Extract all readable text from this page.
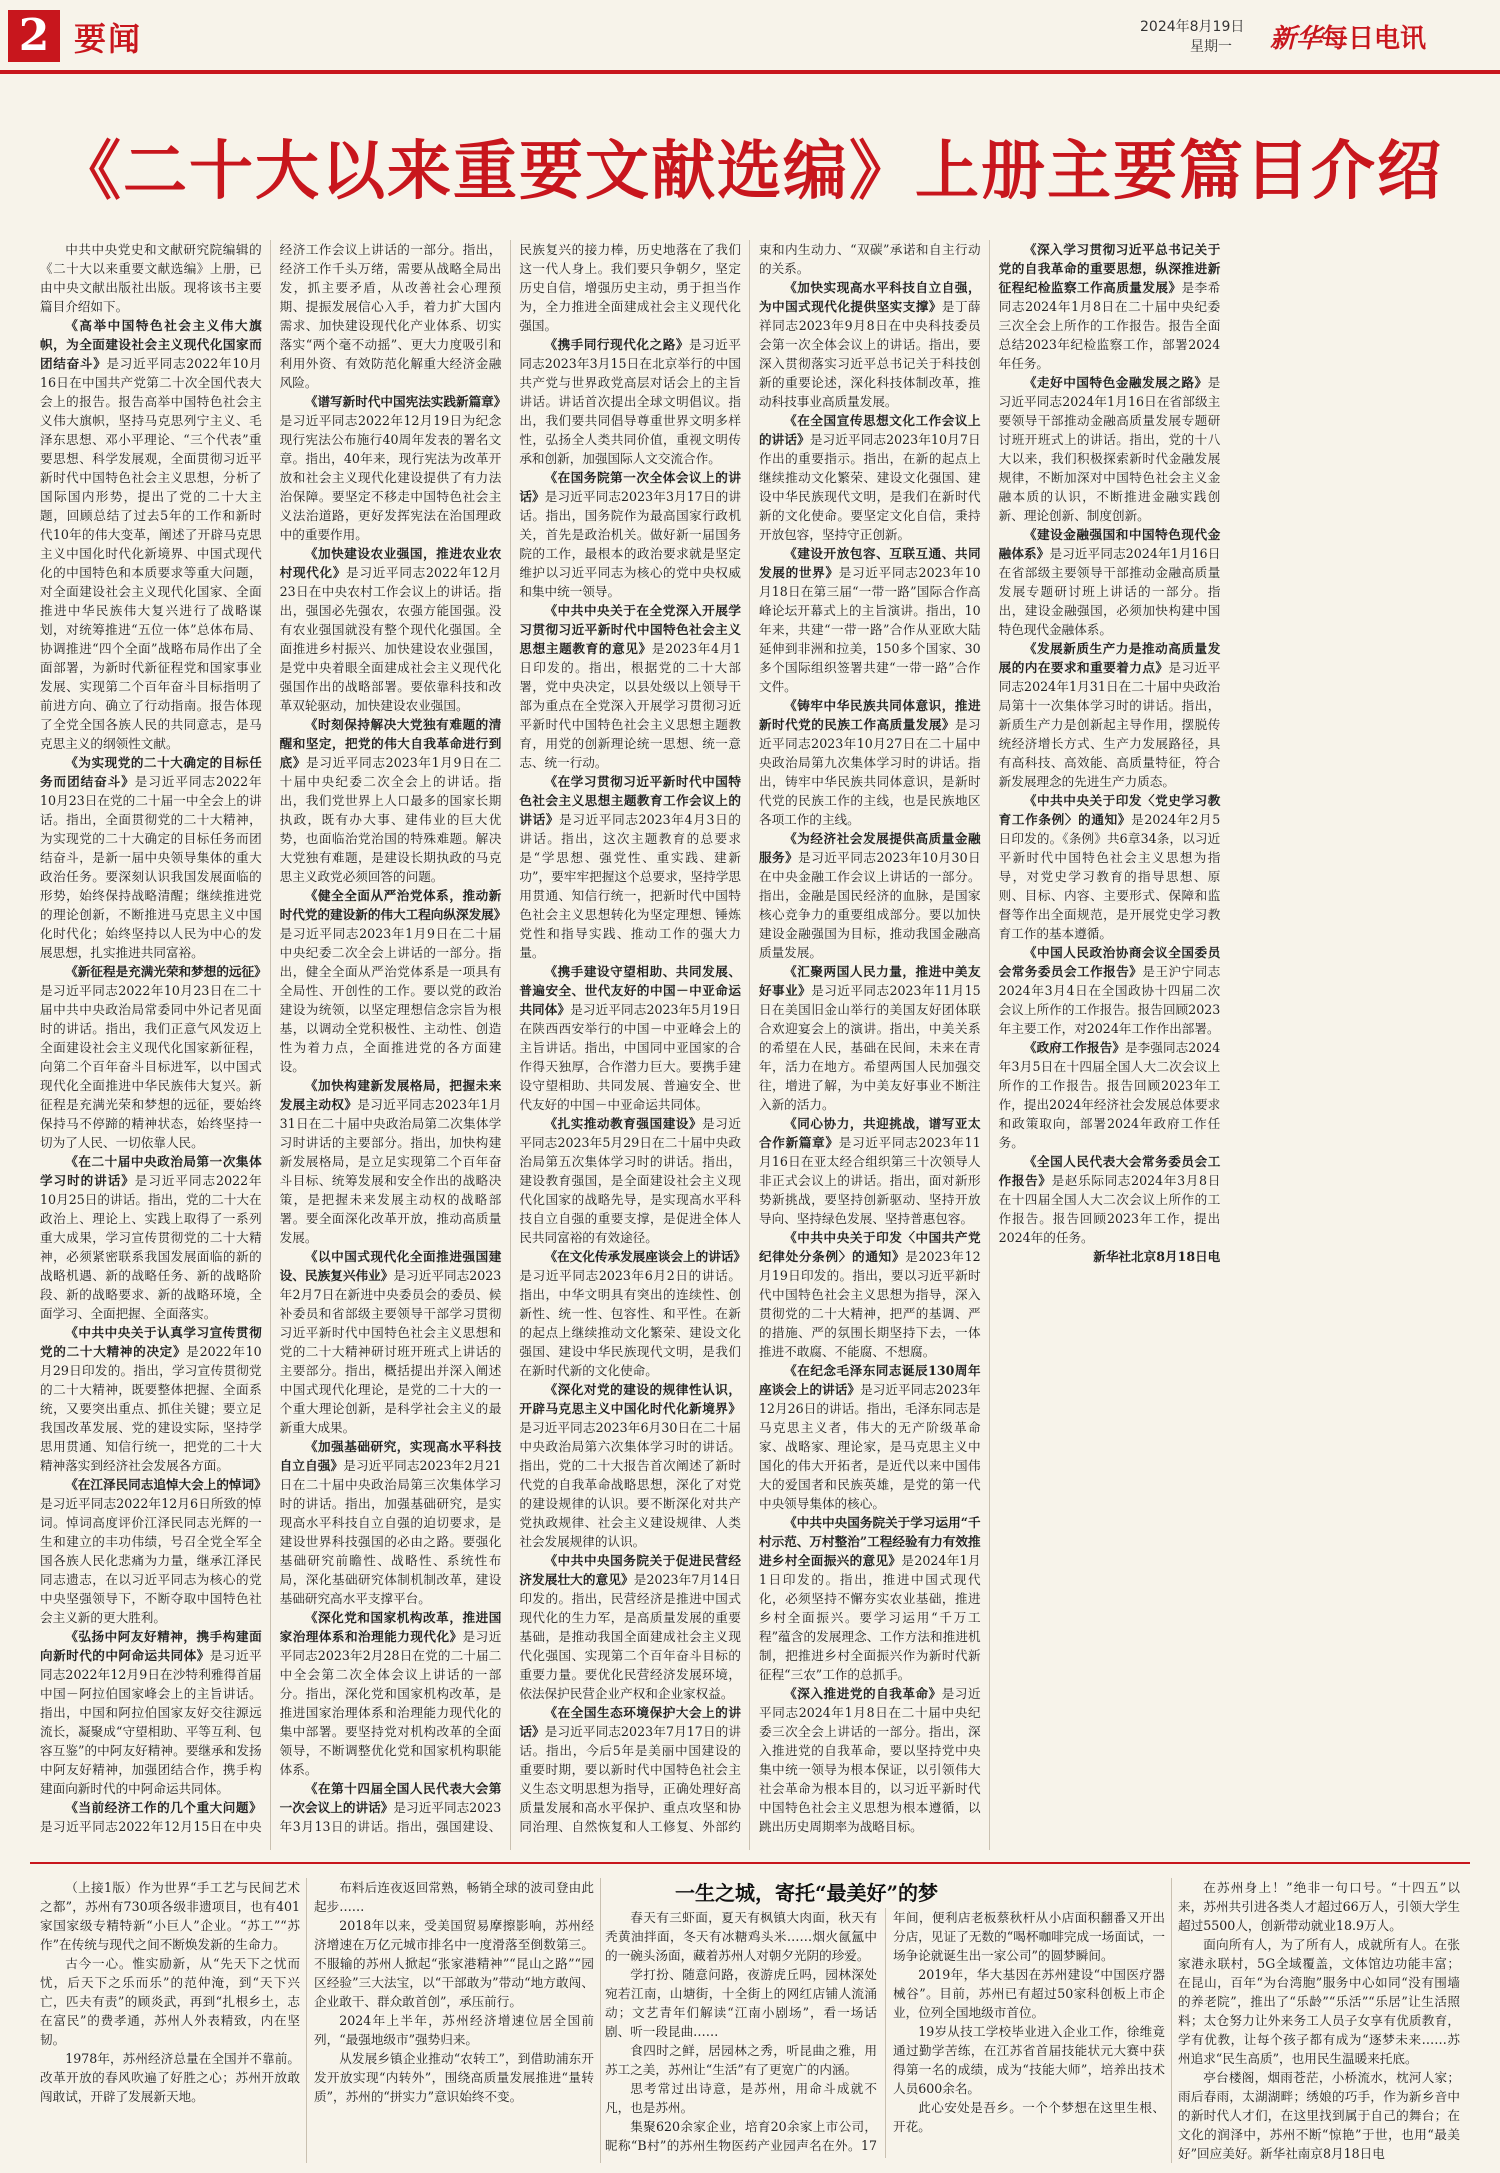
2 要闻	2024年8月19日
星期一 新华每日电讯
《二十大以来重要文献选编》上册主要篇目介绍

中共中央党史和文献研究院编辑的《二十大以来重要文献选编》上册，已由中央文献出版社出版。现将该书主要篇目介绍如下。

《高举中国特色社会主义伟大旗帜，为全面建设社会主义现代化国家而团结奋斗》是习近平同志2022年10月16日在中国共产党第二十次全国代表大会上的报告。报告高举中国特色社会主义伟大旗帜，坚持马克思列宁主义、毛泽东思想、邓小平理论、“三个代表”重要思想、科学发展观，全面贯彻习近平新时代中国特色社会主义思想，分析了国际国内形势，提出了党的二十大主题，回顾总结了过去5年的工作和新时代10年的伟大变革，阐述了开辟马克思主义中国化时代化新境界、中国式现代化的中国特色和本质要求等重大问题，对全面建设社会主义现代化国家、全面推进中华民族伟大复兴进行了战略谋划，对统筹推进“五位一体”总体布局、协调推进“四个全面”战略布局作出了全面部署，为新时代新征程党和国家事业发展、实现第二个百年奋斗目标指明了前进方向、确立了行动指南。报告体现了全党全国各族人民的共同意志，是马克思主义的纲领性文献。

《为实现党的二十大确定的目标任务而团结奋斗》是习近平同志2022年10月23日在党的二十届一中全会上的讲话。指出，全面贯彻党的二十大精神，为实现党的二十大确定的目标任务而团结奋斗，是新一届中央领导集体的重大政治任务。要深刻认识我国发展面临的形势，始终保持战略清醒；继续推进党的理论创新，不断推进马克思主义中国化时代化；始终坚持以人民为中心的发展思想，扎实推进共同富裕。

《新征程是充满光荣和梦想的远征》是习近平同志2022年10月23日在二十届中共中央政治局常委同中外记者见面时的讲话。指出，我们正意气风发迈上全面建设社会主义现代化国家新征程，向第二个百年奋斗目标进军，以中国式现代化全面推进中华民族伟大复兴。新征程是充满光荣和梦想的远征，要始终保持马不停蹄的精神状态，始终坚持一切为了人民、一切依靠人民。

《在二十届中央政治局第一次集体学习时的讲话》是习近平同志2022年10月25日的讲话。指出，党的二十大在政治上、理论上、实践上取得了一系列重大成果，学习宣传贯彻党的二十大精神，必须紧密联系我国发展面临的新的战略机遇、新的战略任务、新的战略阶段、新的战略要求、新的战略环境，全面学习、全面把握、全面落实。

《中共中央关于认真学习宣传贯彻党的二十大精神的决定》是2022年10月29日印发的。指出，学习宣传贯彻党的二十大精神，既要整体把握、全面系统，又要突出重点、抓住关键；要立足我国改革发展、党的建设实际，坚持学思用贯通、知信行统一，把党的二十大精神落实到经济社会发展各方面。

《在江泽民同志追悼大会上的悼词》是习近平同志2022年12月6日所致的悼词。悼词高度评价江泽民同志光辉的一生和建立的丰功伟绩，号召全党全军全国各族人民化悲痛为力量，继承江泽民同志遗志，在以习近平同志为核心的党中央坚强领导下，不断夺取中国特色社会主义新的更大胜利。

《弘扬中阿友好精神，携手构建面向新时代的中阿命运共同体》是习近平同志2022年12月9日在沙特利雅得首届中国－阿拉伯国家峰会上的主旨讲话。指出，中国和阿拉伯国家友好交往源远流长，凝聚成“守望相助、平等互利、包容互鉴”的中阿友好精神。要继承和发扬中阿友好精神，加强团结合作，携手构建面向新时代的中阿命运共同体。

《当前经济工作的几个重大问题》是习近平同志2022年12月15日在中央经济工作会议上讲话的一部分。指出，经济工作千头万绪，需要从战略全局出发，抓主要矛盾，从改善社会心理预期、提振发展信心入手，着力扩大国内需求、加快建设现代化产业体系、切实落实“两个毫不动摇”、更大力度吸引和利用外资、有效防范化解重大经济金融风险。

《谱写新时代中国宪法实践新篇章》是习近平同志2022年12月19日为纪念现行宪法公布施行40周年发表的署名文章。指出，40年来，现行宪法为改革开放和社会主义现代化建设提供了有力法治保障。要坚定不移走中国特色社会主义法治道路，更好发挥宪法在治国理政中的重要作用。

《加快建设农业强国，推进农业农村现代化》是习近平同志2022年12月23日在中央农村工作会议上的讲话。指出，强国必先强农，农强方能国强。没有农业强国就没有整个现代化强国。全面推进乡村振兴、加快建设农业强国，是党中央着眼全面建成社会主义现代化强国作出的战略部署。要依靠科技和改革双轮驱动，加快建设农业强国。

《时刻保持解决大党独有难题的清醒和坚定，把党的伟大自我革命进行到底》是习近平同志2023年1月9日在二十届中央纪委二次全会上的讲话。指出，我们党世界上人口最多的国家长期执政，既有办大事、建伟业的巨大优势，也面临治党治国的特殊难题。解决大党独有难题，是建设长期执政的马克思主义政党必须回答的问题。

《健全全面从严治党体系，推动新时代党的建设新的伟大工程向纵深发展》是习近平同志2023年1月9日在二十届中央纪委二次全会上讲话的一部分。指出，健全全面从严治党体系是一项具有全局性、开创性的工作。要以党的政治建设为统领，以坚定理想信念宗旨为根基，以调动全党积极性、主动性、创造性为着力点，全面推进党的各方面建设。

《加快构建新发展格局，把握未来发展主动权》是习近平同志2023年1月31日在二十届中央政治局第二次集体学习时讲话的主要部分。指出，加快构建新发展格局，是立足实现第二个百年奋斗目标、统筹发展和安全作出的战略决策，是把握未来发展主动权的战略部署。要全面深化改革开放，推动高质量发展。

《以中国式现代化全面推进强国建设、民族复兴伟业》是习近平同志2023年2月7日在新进中央委员会的委员、候补委员和省部级主要领导干部学习贯彻习近平新时代中国特色社会主义思想和党的二十大精神研讨班开班式上讲话的主要部分。指出，概括提出并深入阐述中国式现代化理论，是党的二十大的一个重大理论创新，是科学社会主义的最新重大成果。

《加强基础研究，实现高水平科技自立自强》是习近平同志2023年2月21日在二十届中央政治局第三次集体学习时的讲话。指出，加强基础研究，是实现高水平科技自立自强的迫切要求，是建设世界科技强国的必由之路。要强化基础研究前瞻性、战略性、系统性布局，深化基础研究体制机制改革，建设基础研究高水平支撑平台。

《深化党和国家机构改革，推进国家治理体系和治理能力现代化》是习近平同志2023年2月28日在党的二十届二中全会第二次全体会议上讲话的一部分。指出，深化党和国家机构改革，是推进国家治理体系和治理能力现代化的集中部署。要坚持党对机构改革的全面领导，不断调整优化党和国家机构职能体系。

《在第十四届全国人民代表大会第一次会议上的讲话》是习近平同志2023年3月13日的讲话。指出，强国建设、民族复兴的接力棒，历史地落在了我们这一代人身上。我们要只争朝夕，坚定历史自信，增强历史主动，勇于担当作为，全力推进全面建成社会主义现代化强国。

《携手同行现代化之路》是习近平同志2023年3月15日在北京举行的中国共产党与世界政党高层对话会上的主旨讲话。讲话首次提出全球文明倡议。指出，我们要共同倡导尊重世界文明多样性，弘扬全人类共同价值，重视文明传承和创新，加强国际人文交流合作。

《在国务院第一次全体会议上的讲话》是习近平同志2023年3月17日的讲话。指出，国务院作为最高国家行政机关，首先是政治机关。做好新一届国务院的工作，最根本的政治要求就是坚定维护以习近平同志为核心的党中央权威和集中统一领导。

《中共中央关于在全党深入开展学习贯彻习近平新时代中国特色社会主义思想主题教育的意见》是2023年4月1日印发的。指出，根据党的二十大部署，党中央决定，以县处级以上领导干部为重点在全党深入开展学习贯彻习近平新时代中国特色社会主义思想主题教育，用党的创新理论统一思想、统一意志、统一行动。

《在学习贯彻习近平新时代中国特色社会主义思想主题教育工作会议上的讲话》是习近平同志2023年4月3日的讲话。指出，这次主题教育的总要求是“学思想、强党性、重实践、建新功”，要牢牢把握这个总要求，坚持学思用贯通、知信行统一，把新时代中国特色社会主义思想转化为坚定理想、锤炼党性和指导实践、推动工作的强大力量。

《携手建设守望相助、共同发展、普遍安全、世代友好的中国－中亚命运共同体》是习近平同志2023年5月19日在陕西西安举行的中国－中亚峰会上的主旨讲话。指出，中国同中亚国家的合作得天独厚，合作潜力巨大。要携手建设守望相助、共同发展、普遍安全、世代友好的中国－中亚命运共同体。

《扎实推动教育强国建设》是习近平同志2023年5月29日在二十届中央政治局第五次集体学习时的讲话。指出，建设教育强国，是全面建设社会主义现代化国家的战略先导，是实现高水平科技自立自强的重要支撑，是促进全体人民共同富裕的有效途径。

《在文化传承发展座谈会上的讲话》是习近平同志2023年6月2日的讲话。指出，中华文明具有突出的连续性、创新性、统一性、包容性、和平性。在新的起点上继续推动文化繁荣、建设文化强国、建设中华民族现代文明，是我们在新时代新的文化使命。

《深化对党的建设的规律性认识，开辟马克思主义中国化时代化新境界》是习近平同志2023年6月30日在二十届中央政治局第六次集体学习时的讲话。指出，党的二十大报告首次阐述了新时代党的自我革命战略思想，深化了对党的建设规律的认识。要不断深化对共产党执政规律、社会主义建设规律、人类社会发展规律的认识。

《中共中央国务院关于促进民营经济发展壮大的意见》是2023年7月14日印发的。指出，民营经济是推进中国式现代化的生力军，是高质量发展的重要基础，是推动我国全面建成社会主义现代化强国、实现第二个百年奋斗目标的重要力量。要优化民营经济发展环境，依法保护民营企业产权和企业家权益。

《在全国生态环境保护大会上的讲话》是习近平同志2023年7月17日的讲话。指出，今后5年是美丽中国建设的重要时期，要以新时代中国特色社会主义生态文明思想为指导，正确处理好高质量发展和高水平保护、重点攻坚和协同治理、自然恢复和人工修复、外部约束和内生动力、“双碳”承诺和自主行动的关系。

《加快实现高水平科技自立自强，为中国式现代化提供坚实支撑》是丁薛祥同志2023年9月8日在中央科技委员会第一次全体会议上的讲话。指出，要深入贯彻落实习近平总书记关于科技创新的重要论述，深化科技体制改革，推动科技事业高质量发展。

《在全国宣传思想文化工作会议上的讲话》是习近平同志2023年10月7日作出的重要指示。指出，在新的起点上继续推动文化繁荣、建设文化强国、建设中华民族现代文明，是我们在新时代新的文化使命。要坚定文化自信，秉持开放包容，坚持守正创新。

《建设开放包容、互联互通、共同发展的世界》是习近平同志2023年10月18日在第三届“一带一路”国际合作高峰论坛开幕式上的主旨演讲。指出，10年来，共建“一带一路”合作从亚欧大陆延伸到非洲和拉美，150多个国家、30多个国际组织签署共建“一带一路”合作文件。

《铸牢中华民族共同体意识，推进新时代党的民族工作高质量发展》是习近平同志2023年10月27日在二十届中央政治局第九次集体学习时的讲话。指出，铸牢中华民族共同体意识，是新时代党的民族工作的主线，也是民族地区各项工作的主线。

《为经济社会发展提供高质量金融服务》是习近平同志2023年10月30日在中央金融工作会议上讲话的一部分。指出，金融是国民经济的血脉，是国家核心竞争力的重要组成部分。要以加快建设金融强国为目标，推动我国金融高质量发展。

《汇聚两国人民力量，推进中美友好事业》是习近平同志2023年11月15日在美国旧金山举行的美国友好团体联合欢迎宴会上的演讲。指出，中美关系的希望在人民，基础在民间，未来在青年，活力在地方。希望两国人民加强交往，增进了解，为中美友好事业不断注入新的活力。

《同心协力，共迎挑战，谱写亚太合作新篇章》是习近平同志2023年11月16日在亚太经合组织第三十次领导人非正式会议上的讲话。指出，面对新形势新挑战，要坚持创新驱动、坚持开放导向、坚持绿色发展、坚持普惠包容。

《中共中央关于印发〈中国共产党纪律处分条例〉的通知》是2023年12月19日印发的。指出，要以习近平新时代中国特色社会主义思想为指导，深入贯彻党的二十大精神，把严的基调、严的措施、严的氛围长期坚持下去，一体推进不敢腐、不能腐、不想腐。

《在纪念毛泽东同志诞辰130周年座谈会上的讲话》是习近平同志2023年12月26日的讲话。指出，毛泽东同志是马克思主义者，伟大的无产阶级革命家、战略家、理论家，是马克思主义中国化的伟大开拓者，是近代以来中国伟大的爱国者和民族英雄，是党的第一代中央领导集体的核心。

《中共中央国务院关于学习运用“千村示范、万村整治”工程经验有力有效推进乡村全面振兴的意见》是2024年1月1日印发的。指出，推进中国式现代化，必须坚持不懈夯实农业基础，推进乡村全面振兴。要学习运用“千万工程”蕴含的发展理念、工作方法和推进机制，把推进乡村全面振兴作为新时代新征程“三农”工作的总抓手。

《深入推进党的自我革命》是习近平同志2024年1月8日在二十届中央纪委三次全会上讲话的一部分。指出，深入推进党的自我革命，要以坚持党中央集中统一领导为根本保证，以引领伟大社会革命为根本目的，以习近平新时代中国特色社会主义思想为根本遵循，以跳出历史周期率为战略目标。

《深入学习贯彻习近平总书记关于党的自我革命的重要思想，纵深推进新征程纪检监察工作高质量发展》是李希同志2024年1月8日在二十届中央纪委三次全会上所作的工作报告。报告全面总结2023年纪检监察工作，部署2024年任务。

《走好中国特色金融发展之路》是习近平同志2024年1月16日在省部级主要领导干部推动金融高质量发展专题研讨班开班式上的讲话。指出，党的十八大以来，我们积极探索新时代金融发展规律，不断加深对中国特色社会主义金融本质的认识，不断推进金融实践创新、理论创新、制度创新。

《建设金融强国和中国特色现代金融体系》是习近平同志2024年1月16日在省部级主要领导干部推动金融高质量发展专题研讨班上讲话的一部分。指出，建设金融强国，必须加快构建中国特色现代金融体系。

《发展新质生产力是推动高质量发展的内在要求和重要着力点》是习近平同志2024年1月31日在二十届中央政治局第十一次集体学习时的讲话。指出，新质生产力是创新起主导作用，摆脱传统经济增长方式、生产力发展路径，具有高科技、高效能、高质量特征，符合新发展理念的先进生产力质态。

《中共中央关于印发〈党史学习教育工作条例〉的通知》是2024年2月5日印发的。《条例》共6章34条，以习近平新时代中国特色社会主义思想为指导，对党史学习教育的指导思想、原则、目标、内容、主要形式、保障和监督等作出全面规范，是开展党史学习教育工作的基本遵循。

《中国人民政治协商会议全国委员会常务委员会工作报告》是王沪宁同志2024年3月4日在全国政协十四届二次会议上所作的工作报告。报告回顾2023年主要工作，对2024年工作作出部署。

《政府工作报告》是李强同志2024年3月5日在十四届全国人大二次会议上所作的工作报告。报告回顾2023年工作，提出2024年经济社会发展总体要求和政策取向，部署2024年政府工作任务。

《全国人民代表大会常务委员会工作报告》是赵乐际同志2024年3月8日在十四届全国人大二次会议上所作的工作报告。报告回顾2023年工作，提出2024年的任务。

新华社北京8月18日电

（上接1版）作为世界“手工艺与民间艺术之都”，苏州有730项各级非遗项目，也有401家国家级专精特新“小巨人”企业。“苏工”“苏作”在传统与现代之间不断焕发新的生命力。

古今一心。惟实励新，从“先天下之忧而忧，后天下之乐而乐”的范仲淹，到“天下兴亡，匹夫有责”的顾炎武，再到“扎根乡土，志在富民”的费孝通，苏州人外表精致，内在坚韧。

1978年，苏州经济总量在全国并不靠前。改革开放的春风吹遍了好胜之心；苏州开放敢闯敢试，开辟了发展新天地。

布料后连夜返回常熟，畅销全球的波司登由此起步……

2018年以来，受美国贸易摩擦影响，苏州经济增速在万亿元城市排名中一度滑落至倒数第三。不服输的苏州人掀起“张家港精神”“昆山之路”“园区经验”三大法宝，以“干部敢为”带动“地方敢闯、企业敢干、群众敢首创”，承压前行。

2024年上半年，苏州经济增速位居全国前列，“最强地级市”强势归来。

从发展乡镇企业推动“农转工”，到借助浦东开发开放实现“内转外”，围绕高质量发展推进“量转质”，苏州的“拼实力”意识始终不变。

一生之城，寄托“最美好”的梦

春天有三虾面，夏天有枫镇大肉面，秋天有秃黄油拌面，冬天有冰糖鸡头米……烟火氤氲中的一碗头汤面，藏着苏州人对朝夕光阴的珍爱。

学打扮、随意问路，夜游虎丘吗，园林深处宛若江南，山塘街，十全街上的网红店铺人流涌动；文艺青年们解读“江南小剧场”，看一场话剧、听一段昆曲……

食四时之鲜，居园林之秀，听昆曲之雅，用苏工之美，苏州让“生活”有了更宽广的内涵。

思考常过出诗意，是苏州，用命斗成就不凡，也是苏州。

集聚620余家企业，培育20余家上市公司，昵称“B村”的苏州生物医药产业园声名在外。17年间，便利店老板蔡秋杆从小店面积翻番又开出分店，见证了无数的“喝杯咖啡完成一场面试，一场争论就诞生出一家公司”的圆梦瞬间。

2019年，华大基因在苏州建设“中国医疗器械谷”。目前，苏州已有超过50家科创板上市企业，位列全国地级市首位。

19岁从技工学校毕业进入企业工作，徐维竟通过勤学苦练，在江苏省首届技能状元大赛中获得第一名的成绩，成为“技能大师”，培养出技术人员600余名。

此心安处是吾乡。一个个梦想在这里生根、开花。

在苏州身上！”绝非一句口号。“十四五”以来，苏州共引进各类人才超过66万人，引领大学生超过5500人，创新带动就业18.9万人。

面向所有人，为了所有人，成就所有人。在张家港永联村，5G全域覆盖，文体馆边功能丰富；在昆山，百年“为台湾胞”服务中心如同“没有围墙的养老院”，推出了“乐龄”“乐活”“乐居”让生活照料；太仓努力让外来务工人员子女享有优质教育，学有优教，让每个孩子都有成为“逐梦未来……苏州追求“民生高质”，也用民生温暖来托底。

亭台楼阁，烟雨苍茫，小桥流水，枕河人家；雨后春雨，太湖湖畔；绣娘的巧手，作为新乡音中的新时代人才们，在这里找到属于自己的舞台；在文化的润泽中，苏州不断“惊艳”于世，也用“最美好”回应美好。新华社南京8月18日电
